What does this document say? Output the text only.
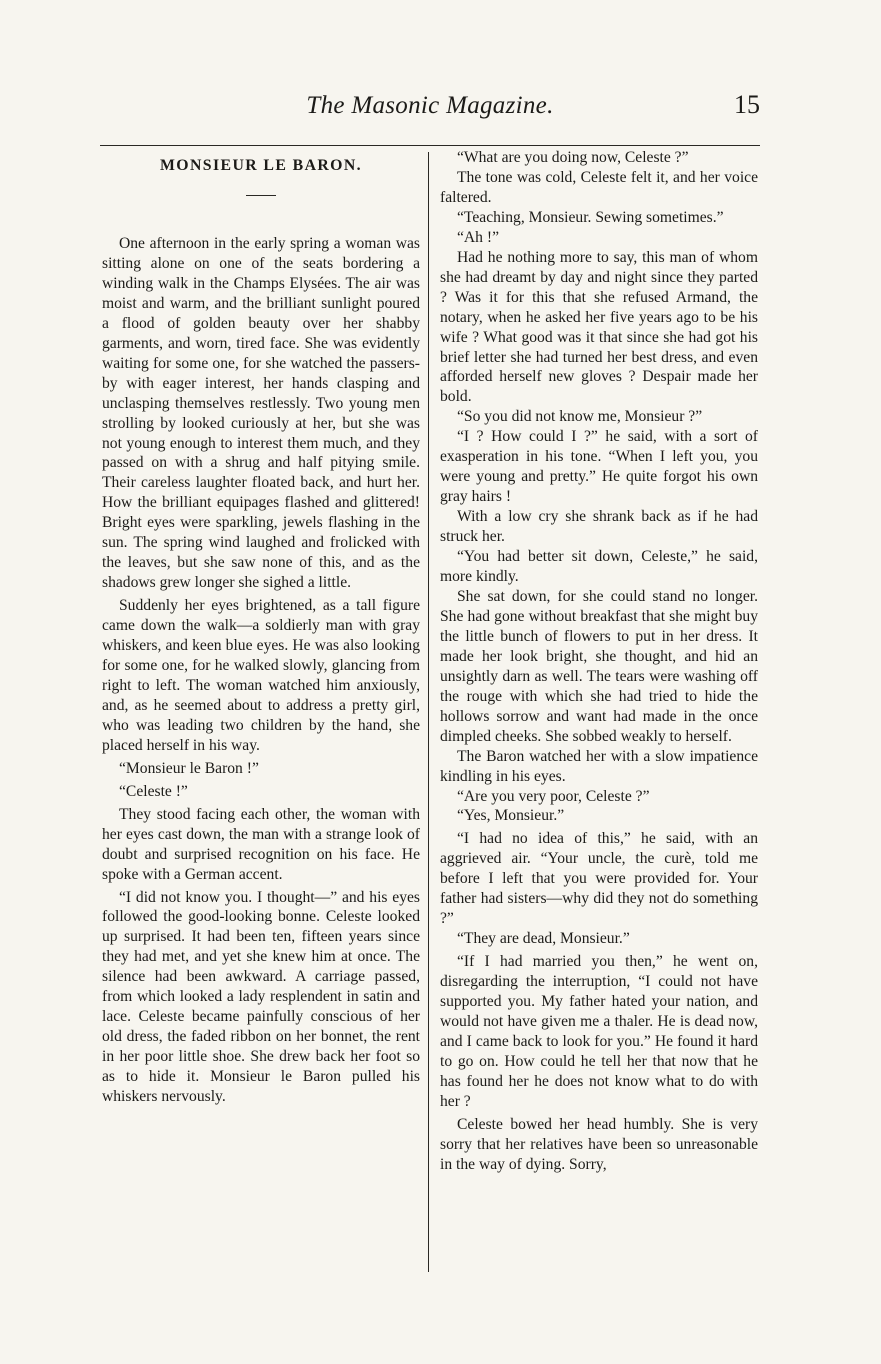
The Masonic Magazine.	15
MONSIEUR LE BARON.

One afternoon in the early spring a woman was sitting alone on one of the seats bordering a winding walk in the Champs Elysées. The air was moist and warm, and the brilliant sunlight poured a flood of golden beauty over her shabby garments, and worn, tired face. She was evidently waiting for some one, for she watched the passers-by with eager interest, her hands clasping and unclasping themselves restlessly. Two young men strolling by looked curiously at her, but she was not young enough to interest them much, and they passed on with a shrug and half pitying smile. Their careless laughter floated back, and hurt her. How the brilliant equipages flashed and glittered! Bright eyes were sparkling, jewels flashing in the sun. The spring wind laughed and frolicked with the leaves, but she saw none of this, and as the shadows grew longer she sighed a little.

Suddenly her eyes brightened, as a tall figure came down the walk—a soldierly man with gray whiskers, and keen blue eyes. He was also looking for some one, for he walked slowly, glancing from right to left. The woman watched him anxiously, and, as he seemed about to address a pretty girl, who was leading two children by the hand, she placed herself in his way.

“Monsieur le Baron !”

“Celeste !”

They stood facing each other, the woman with her eyes cast down, the man with a strange look of doubt and surprised recognition on his face. He spoke with a German accent.

“I did not know you. I thought—” and his eyes followed the good-looking bonne. Celeste looked up surprised. It had been ten, fifteen years since they had met, and yet she knew him at once. The silence had been awkward. A carriage passed, from which looked a lady resplendent in satin and lace. Celeste became painfully conscious of her old dress, the faded ribbon on her bonnet, the rent in her poor little shoe. She drew back her foot so as to hide it. Monsieur le Baron pulled his whiskers nervously.

“What are you doing now, Celeste ?”

The tone was cold, Celeste felt it, and her voice faltered.

“Teaching, Monsieur. Sewing sometimes.”

“Ah !”

Had he nothing more to say, this man of whom she had dreamt by day and night since they parted ? Was it for this that she refused Armand, the notary, when he asked her five years ago to be his wife ? What good was it that since she had got his brief letter she had turned her best dress, and even afforded herself new gloves ? Despair made her bold.

“So you did not know me, Monsieur ?”

“I ? How could I ?” he said, with a sort of exasperation in his tone. “When I left you, you were young and pretty.” He quite forgot his own gray hairs !

With a low cry she shrank back as if he had struck her.

“You had better sit down, Celeste,” he said, more kindly.

She sat down, for she could stand no longer. She had gone without breakfast that she might buy the little bunch of flowers to put in her dress. It made her look bright, she thought, and hid an unsightly darn as well. The tears were washing off the rouge with which she had tried to hide the hollows sorrow and want had made in the once dimpled cheeks. She sobbed weakly to herself.

The Baron watched her with a slow impatience kindling in his eyes.

“Are you very poor, Celeste ?”

“Yes, Monsieur.”

“I had no idea of this,” he said, with an aggrieved air. “Your uncle, the curè, told me before I left that you were provided for. Your father had sisters—why did they not do something ?”

“They are dead, Monsieur.”

“If I had married you then,” he went on, disregarding the interruption, “I could not have supported you. My father hated your nation, and would not have given me a thaler. He is dead now, and I came back to look for you.” He found it hard to go on. How could he tell her that now that he has found her he does not know what to do with her ?

Celeste bowed her head humbly. She is very sorry that her relatives have been so unreasonable in the way of dying. Sorry,
